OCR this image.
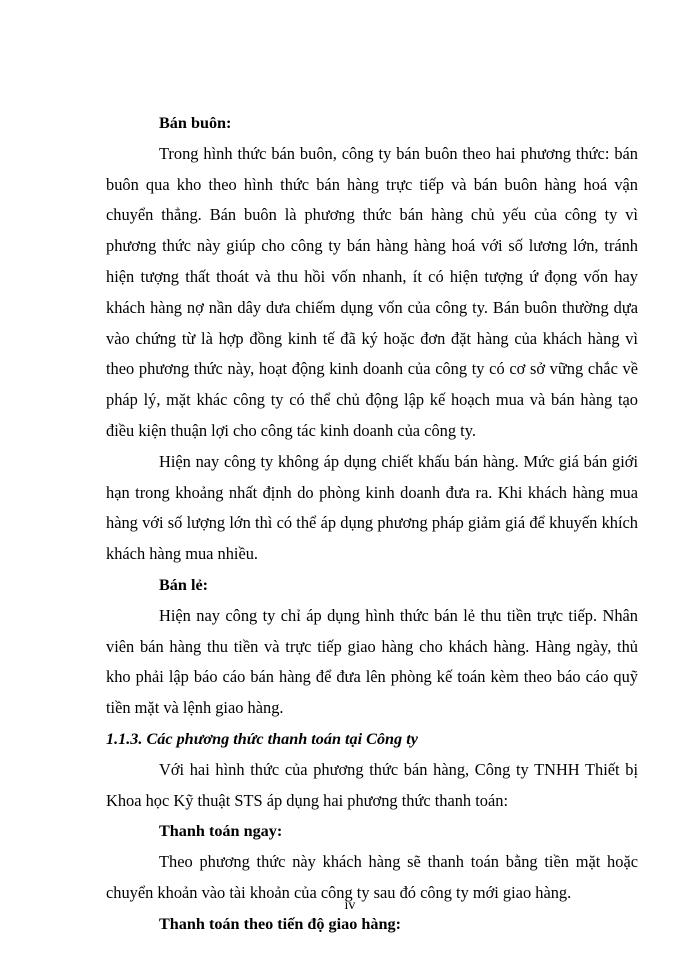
Bán buôn:

Trong hình thức bán buôn, công ty bán buôn theo hai phương thức: bán buôn qua kho theo hình thức bán hàng trực tiếp và bán buôn hàng hoá vận chuyển thẳng. Bán buôn là phương thức bán hàng chủ yếu của công ty vì phương thức này giúp cho công ty bán hàng hàng hoá với số lương lớn, tránh hiện tượng thất thoát và thu hồi vốn nhanh, ít có hiện tượng ứ đọng vốn hay khách hàng nợ nần dây dưa chiếm dụng vốn của công ty. Bán buôn thường dựa vào chứng từ là hợp đồng kinh tế đã ký hoặc đơn đặt hàng của khách hàng vì theo phương thức này, hoạt động kinh doanh của công ty có cơ sở vững chắc về pháp lý, mặt khác công ty có thể chủ động lập kế hoạch mua và bán hàng tạo điều kiện thuận lợi cho công tác kinh doanh của công ty.

Hiện nay công ty không áp dụng chiết khấu bán hàng. Mức giá bán giới hạn trong khoảng nhất định do phòng kinh doanh đưa ra. Khi khách hàng mua hàng với số lượng lớn thì có thể áp dụng phương pháp giảm giá để khuyến khích khách hàng mua nhiều.

Bán lẻ:

Hiện nay công ty chỉ áp dụng hình thức bán lẻ thu tiền trực tiếp. Nhân viên bán hàng thu tiền và trực tiếp giao hàng cho khách hàng. Hàng ngày, thủ kho phải lập báo cáo bán hàng để đưa lên phòng kế toán kèm theo báo cáo quỹ tiền mặt và lệnh giao hàng.

1.1.3. Các phương thức thanh toán tại Công ty

Với hai hình thức của phương thức bán hàng, Công ty TNHH Thiết bị Khoa học Kỹ thuật STS áp dụng hai phương thức thanh toán:

Thanh toán ngay:

Theo phương thức này khách hàng sẽ thanh toán bằng tiền mặt hoặc chuyển khoản vào tài khoản của công ty sau đó công ty mới giao hàng.

Thanh toán theo tiến độ giao hàng:

iv
